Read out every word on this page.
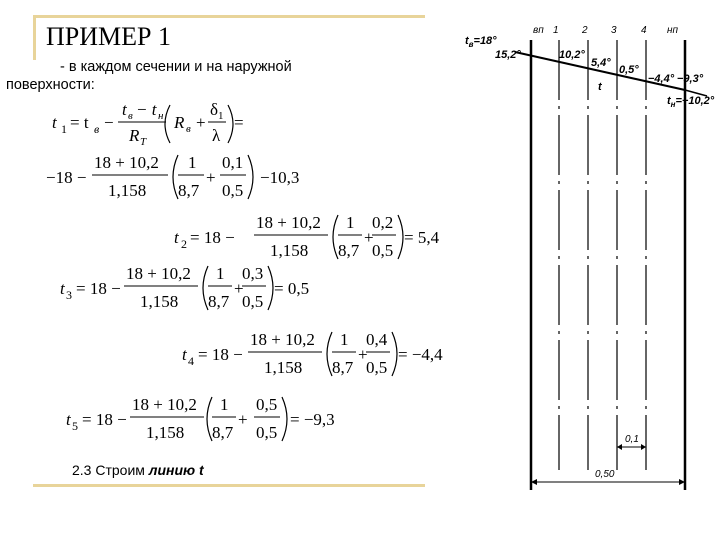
ПРИМЕР 1
- в каждом сечении и на наружной
поверхности:
t 1 = t в −
t в − t н
R T
R в +
δ 1
λ
=
−18 −
18 + 10,2
1,158
1
8,7
+
0,1
0,5
−10,3
t 2 = 18 −
18 + 10,2
1,158
1
8,7
+
0,2
0,5
= 5,4
t 3 = 18 −
18 + 10,2
1,158
1
8,7
+
0,3
0,5
= 0,5
t 4 = 18 −
18 + 10,2
1,158
1
8,7
+
0,4
0,5
= −4,4
t 5 = 18 −
18 + 10,2
1,158
1
8,7
+
0,5
0,5
= −9,3
2.3 Строим линию t
вп 1 2 3 4 нп
$t_в=18^\circ$
15,2°	10,2°
5,4°
0,5°
−4,4° −9,3°
t
$t_н=-10,2^\circ$
0,1
0,50
